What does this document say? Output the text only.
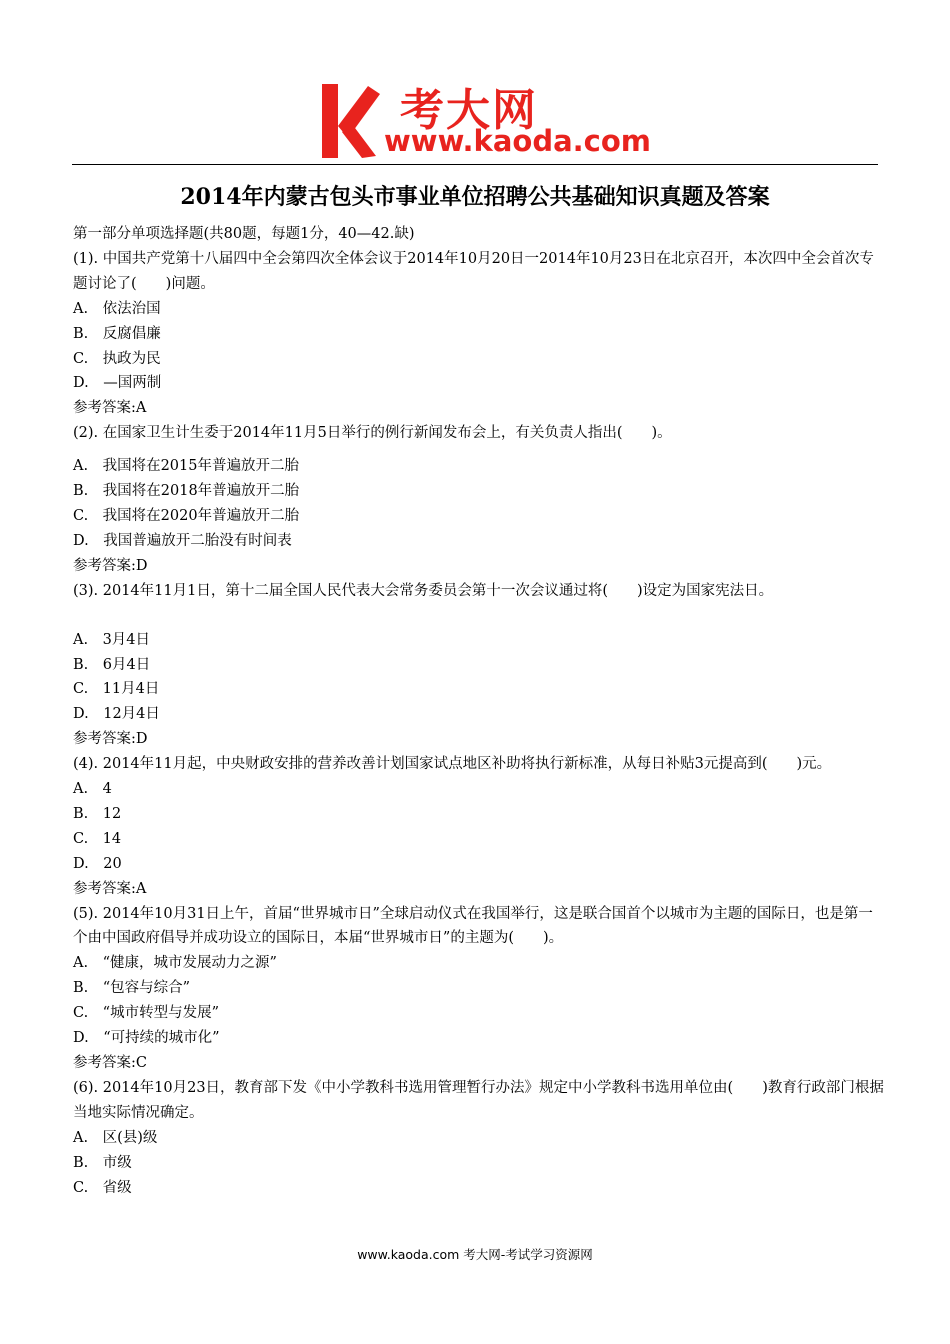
考大网
www.kaoda.com
2014年内蒙古包头市事业单位招聘公共基础知识真题及答案
第一部分单项选择题(共80题，每题1分，40—42.缺)
(1). 中国共产党第十八届四中全会第四次全体会议于2014年10月20日一2014年10月23日在北京召开，本次四中全会首次专题讨论了(　　)问题。
A.　依法治国
B.　反腐倡廉
C.　执政为民
D.　—国两制
参考答案:A
(2). 在国家卫生计生委于2014年11月5日举行的例行新闻发布会上，有关负责人指出(　　)。
A.　我国将在2015年普遍放开二胎
B.　我国将在2018年普遍放开二胎
C.　我国将在2020年普遍放开二胎
D.　我国普遍放开二胎没有时间表
参考答案:D
(3). 2014年11月1日，第十二届全国人民代表大会常务委员会第十一次会议通过将(　　)设定为国家宪法日。
A.　3月4日
B.　6月4日
C.　11月4日
D.　12月4日
参考答案:D
(4). 2014年11月起，中央财政安排的营养改善计划国家试点地区补助将执行新标准，从每日补贴3元提高到(　　)元。
A.　4
B.　12
C.　14
D.　20
参考答案:A
(5). 2014年10月31日上午，首届“世界城市日”全球启动仪式在我国举行，这是联合国首个以城市为主题的国际日，也是第一个由中国政府倡导并成功设立的国际日，本届“世界城市日”的主题为(　　)。
A.　“健康，城市发展动力之源”
B.　“包容与综合”
C.　“城市转型与发展”
D.　“可持续的城市化”
参考答案:C
(6). 2014年10月23日，教育部下发《中小学教科书选用管理暂行办法》规定中小学教科书选用单位由(　　)教育行政部门根据当地实际情况确定。
A.　区(县)级
B.　市级
C.　省级
www.kaoda.com 考大网-考试学习资源网
